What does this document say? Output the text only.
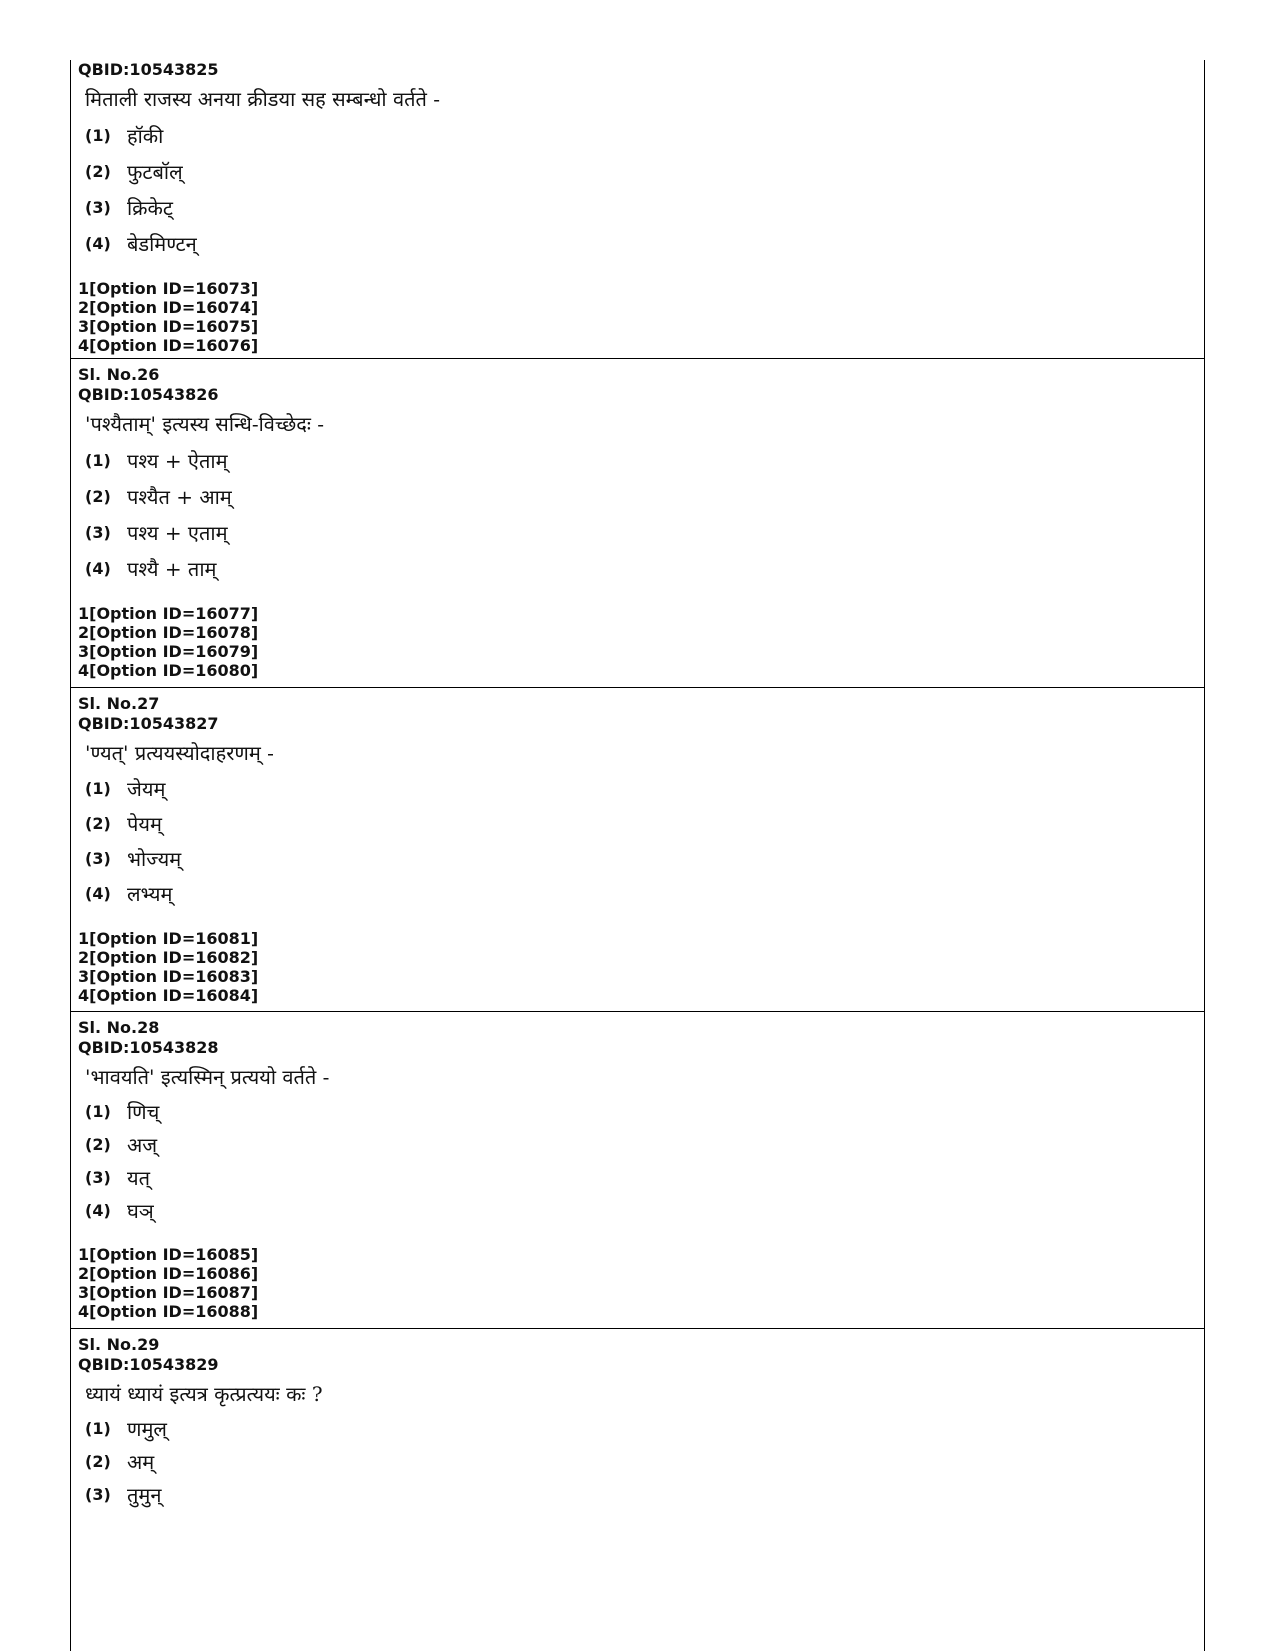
QBID:10543825
मिताली राजस्य अनया क्रीडया सह सम्बन्धो वर्तते -
(1) हॉकी
(2) फुटबॉल्
(3) क्रिकेट्
(4) बेडमिण्टन्
1[Option ID=16073]
2[Option ID=16074]
3[Option ID=16075]
4[Option ID=16076]
Sl. No.26
QBID:10543826
'पश्यैताम्' इत्यस्य सन्धि-विच्छेदः -
(1) पश्य + ऐताम्
(2) पश्यैत + आम्
(3) पश्य + एताम्
(4) पश्यै + ताम्
1[Option ID=16077]
2[Option ID=16078]
3[Option ID=16079]
4[Option ID=16080]
Sl. No.27
QBID:10543827
'ण्यत्' प्रत्ययस्योदाहरणम् -
(1) जेयम्
(2) पेयम्
(3) भोज्यम्
(4) लभ्यम्
1[Option ID=16081]
2[Option ID=16082]
3[Option ID=16083]
4[Option ID=16084]
Sl. No.28
QBID:10543828
'भावयति' इत्यस्मिन् प्रत्ययो वर्तते -
(1) णिच्
(2) अज्
(3) यत्
(4) घञ्
1[Option ID=16085]
2[Option ID=16086]
3[Option ID=16087]
4[Option ID=16088]
Sl. No.29
QBID:10543829
ध्यायं ध्यायं इत्यत्र कृत्प्रत्ययः कः ?
(1) णमुल्
(2) अम्
(3) तुमुन्
